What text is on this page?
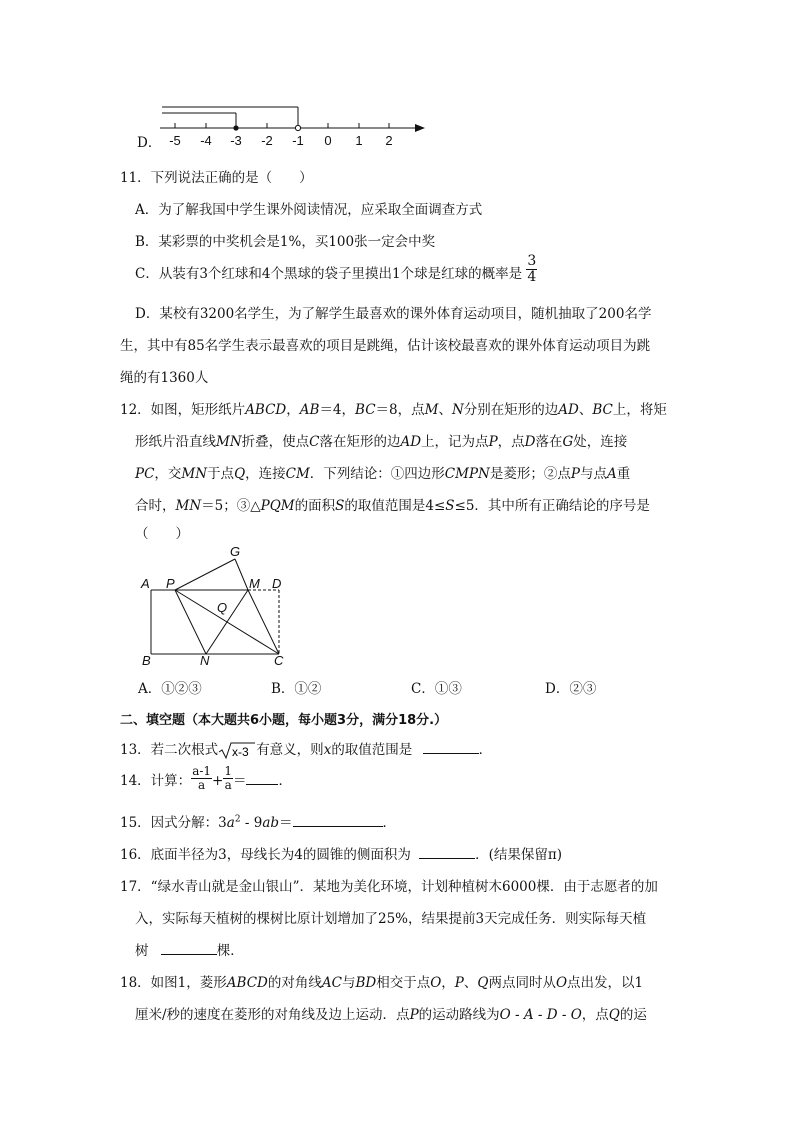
D． -5 -4 -3 -2 -1 0 1 2
11．下列说法正确的是（　　）
A．为了解我国中学生课外阅读情况，应采取全面调查方式
B．某彩票的中奖机会是1%，买100张一定会中奖
C．从装有3个红球和4个黑球的袋子里摸出1个球是红球的概率是 $\frac{3}{4}$
D．某校有3200名学生，为了解学生最喜欢的课外体育运动项目，随机抽取了200名学
生，其中有85名学生表示最喜欢的项目是跳绳，估计该校最喜欢的课外体育运动项目为跳
绳的有1360人
12．如图，矩形纸片ABCD，AB＝4，BC＝8，点M、N分别在矩形的边AD、BC上，将矩
形纸片沿直线MN折叠，使点C落在矩形的边AD上，记为点P，点D落在G处，连接
PC，交MN于点Q，连接CM．下列结论：①四边形CMPN是菱形；②点P与点A重
合时，MN＝5；③△PQM的面积S的取值范围是4≤S≤5．其中所有正确结论的序号是
（　　）
A P
G
M D
Q
B	N	C
A．①②③	B．①②	C．①③	D．②③
二、填空题（本大题共6小题，每小题3分，满分18分.）
13．若二次根式 x-3 有意义，则x的取值范围是	．
14．计算： $\frac{a-1}{a} + \frac{1}{a}$ ＝ ．
15．因式分解：$3a^2 - 9ab=$	．
16．底面半径为3，母线长为4的圆锥的侧面积为	．(结果保留π)
17．“绿水青山就是金山银山”．某地为美化环境，计划种植树木6000棵．由于志愿者的加
入，实际每天植树的棵树比原计划增加了25%，结果提前3天完成任务．则实际每天植
树	棵．
18．如图1，菱形ABCD的对角线AC与BD相交于点O，P、Q两点同时从O点出发，以1
厘米/秒的速度在菱形的对角线及边上运动．点P的运动路线为O - A - D - O，点Q的运
